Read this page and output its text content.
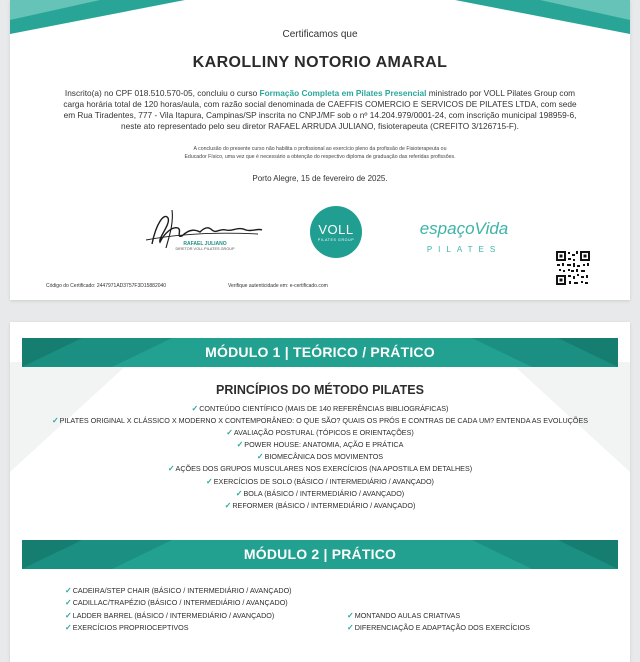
Certificamos que
KAROLLINY NOTORIO AMARAL
Inscrito(a) no CPF 018.510.570-05, concluiu o curso Formação Completa em Pilates Presencial ministrado por VOLL Pilates Group com
carga horária total de 120 horas/aula, com razão social denominada de CAEFFIS COMERCIO E SERVICOS DE PILATES LTDA, com sede
em Rua Tiradentes, 777 - Vila Itapura, Campinas/SP inscrita no CNPJ/MF sob o nº 14.204.979/0001-24, com inscrição municipal 198959-6,
neste ato representado pelo seu diretor RAFAEL ARRUDA JULIANO, fisioterapeuta (CREFITO 3/126715-F).
A conclusão do presente curso não habilita o profissional ao exercício pleno da profissão de Fisioterapeuta ou
Educador Físico, uma vez que é necessário a obtenção do respectivo diploma de graduação das referidas profissões.
Porto Alegre, 15 de fevereiro de 2025.
RAFAEL JULIANO
DIRETOR VOLL PILATES GROUP
VOLL
PILATES GROUP
espaçoVida
PILATES
Código do Certificado: 2447971AD3757F3D15882040	Verifique autenticidade em: e-certificado.com
MÓDULO 1 | TEÓRICO / PRÁTICO
PRINCÍPIOS DO MÉTODO PILATES
✓CONTEÚDO CIENTÍFICO (MAIS DE 140 REFERÊNCIAS BIBLIOGRÁFICAS)
✓PILATES ORIGINAL X CLÁSSICO X MODERNO X CONTEMPORÂNEO: O QUE SÃO? QUAIS OS PRÓS E CONTRAS DE CADA UM? ENTENDA AS EVOLUÇÕES
✓AVALIAÇÃO POSTURAL (TÓPICOS E ORIENTAÇÕES)
✓POWER HOUSE: ANATOMIA, AÇÃO E PRÁTICA
✓BIOMECÂNICA DOS MOVIMENTOS
✓AÇÕES DOS GRUPOS MUSCULARES NOS EXERCÍCIOS (NA APOSTILA EM DETALHES)
✓EXERCÍCIOS DE SOLO (BÁSICO / INTERMEDIÁRIO / AVANÇADO)
✓BOLA (BÁSICO / INTERMEDIÁRIO / AVANÇADO)
✓REFORMER (BÁSICO / INTERMEDIÁRIO / AVANÇADO)
MÓDULO 2 | PRÁTICO
✓CADEIRA/STEP CHAIR (BÁSICO / INTERMEDIÁRIO / AVANÇADO)
✓CADILLAC/TRAPÉZIO (BÁSICO / INTERMEDIÁRIO / AVANÇADO)
✓LADDER BARREL (BÁSICO / INTERMEDIÁRIO / AVANÇADO)
✓EXERCÍCIOS PROPRIOCEPTIVOS
✓MONTANDO AULAS CRIATIVAS
✓DIFERENCIAÇÃO E ADAPTAÇÃO DOS EXERCÍCIOS
